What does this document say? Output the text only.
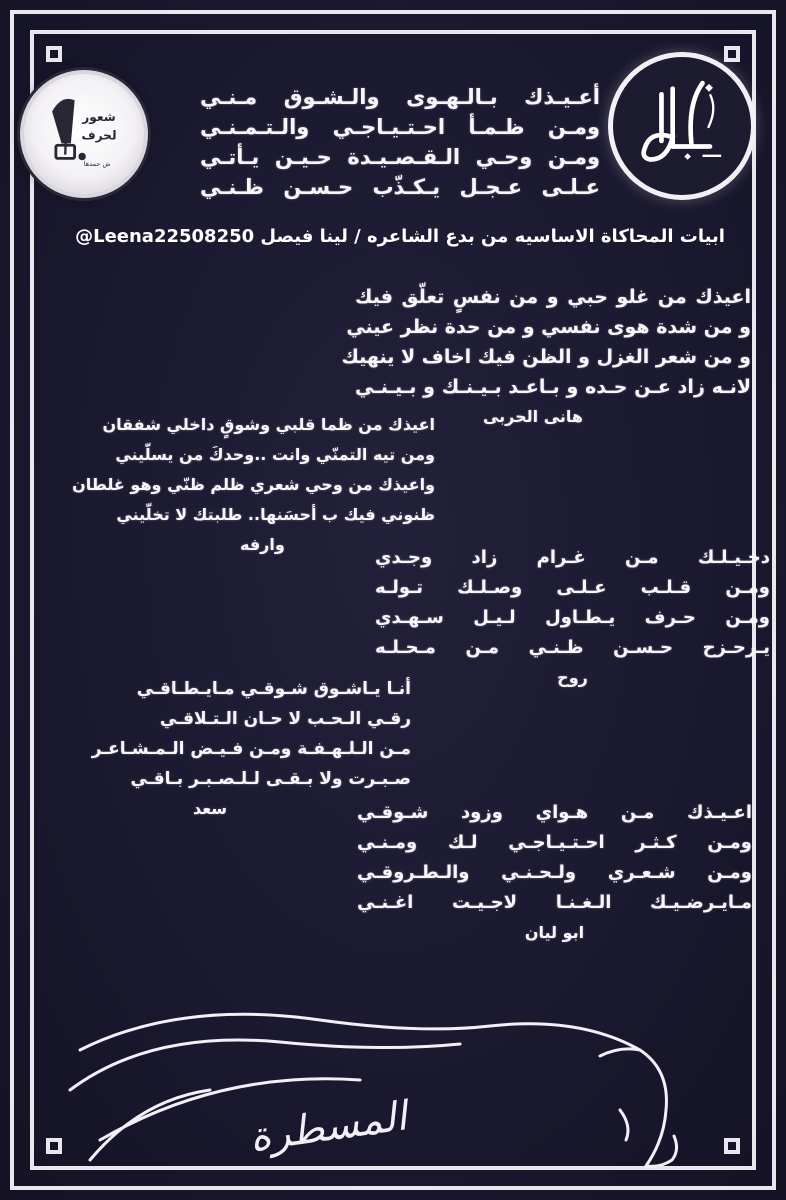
شعور
لحرف
ش حمدها
حرف
أعـيـذك بـالـهـوى والـشـوق مـنـي
ومـن ظـمـأ احـتـيـاجـي والـتـمـنـي
ومـن وحـي الـقـصـيـدة حـيـن يـأتـي
عـلـى عـجـل يـكـذّب حـسـن ظـنـي
ابيات المحاكاة الاساسيه من بدع الشاعره / لينا فيصل @Leena22508250
اعيذك من غلو حبي و من نفسٍ تعلّق فيك
و من شدة هوى نفسي و من حدة نظر عيني
و من شعر الغزل و الظن فيك اخاف لا ينهيك
لانـه زاد عـن حـده و بـاعـد بـيـنـك و بـيـنـي
هانى الحربى
اعيذك من ظما قلبي وشوقٍ داخلي شفقان
ومن تيه التمنّي وانت ..وحدكَ من يسلّيني
واعيذك من وحي شعري ظلم ظنّي وهو غلطان
ظنوني فيك ب أحسَنها.. طلبتك لا تخلّيني
وارفه
دخـيـلـك مـن غـرام زاد وجـدي
ومـن قـلـب عـلـى وصـلـك تـولـه
ومـن حـرف يـطـاول لـيـل سـهـدي
يـزحـزح حـسـن ظـنـي مـن مـحـلـه
روح
أنـا يـاشـوق شـوقـي مـايـطـاقـي
رقـي الـحـب لا حـان الـتـلاقـي
مـن الـلـهـفـة ومـن فـيـض الـمـشـاعـر
صـبـرت ولا بـقـى لـلـصـبـر بـاقـي
سعد	اعـيـذك مـن هـواي وزود شـوقـي
ومـن كـثـر احـتـيـاجـي لـك ومـنـي
ومـن شـعـري ولـحـنـي والـطـروقـي
مـايـرضـيـك الـغـنـا لاجـيـت اغـنـي
ابو ليان
المسطرة
